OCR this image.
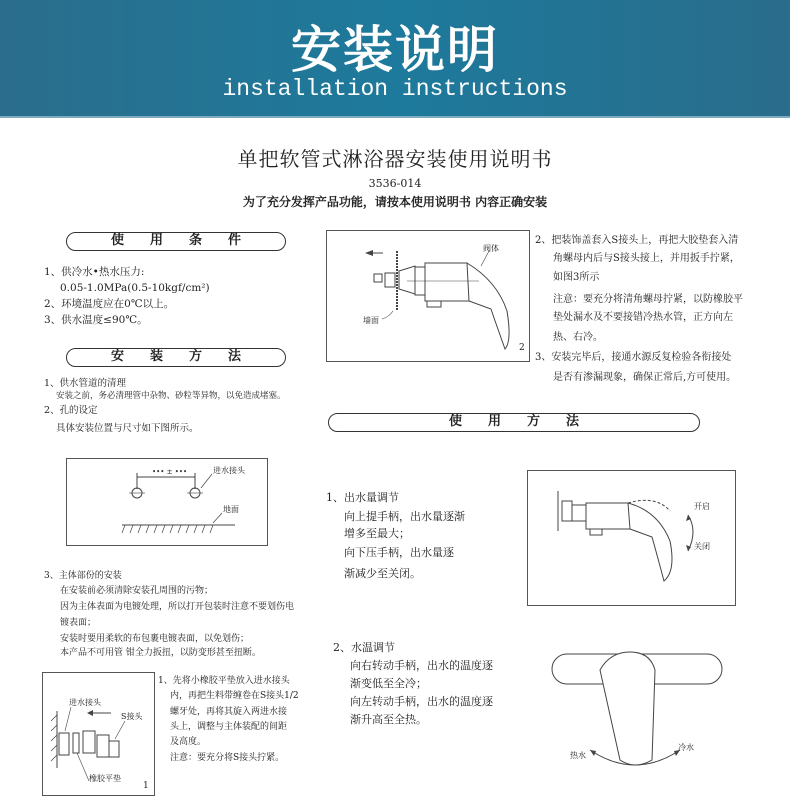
安装说明
installation instructions
单把软管式淋浴器安装使用说明书
3536-014
为了充分发挥产品功能，请按本使用说明书 内容正确安装
使用条件
1、供冷水•热水压力:
0.05-1.0MPa(0.5-10kgf/cm²)
2、环境温度应在0℃以上。
3、供水温度≤90℃。
安装方法
1、供水管道的清理
安装之前，务必清理管中杂物、砂粒等异物，以免造成堵塞。
2、孔的设定
具体安装位置与尺寸如下图所示。
••• ± •••	进水接头
地面
3、主体部份的安装
在安装前必须清除安装孔周围的污物；
因为主体表面为电镀处理，所以打开包装时注意不要划伤电
镀表面；
安装时要用柔软的布包裹电镀表面，以免划伤；
本产品不可用管 钳全力扳扭，以防变形甚至扭断。
进水接头
S接头
橡胶平垫
1
1、先将小橡胶平垫放入进水接头
内，再把生料带缠卷在S接头1/2
螺牙处，再将其旋入两进水接
头上，调整与主体装配的间距
及高度。
注意：要充分将S接头拧紧。
阀体
墙面
2
2、把装饰盖套入S接头上，再把大胶垫套入清
角螺母内后与S接头接上，并用扳手拧紧，
如图3所示
注意：要充分将清角螺母拧紧，以防橡胶平
垫处漏水及不要接错冷热水管，正方向左
热、右冷。
3、安装完毕后，接通水源反复检验各衔接处
是否有渗漏现象，确保正常后,方可使用。
使用方法
1、出水量调节
向上提手柄，出水量逐渐
增多至最大；
向下压手柄，出水量逐
渐减少至关闭。
开启
关闭
2、水温调节
向右转动手柄，出水的温度逐
渐变低至全冷；
向左转动手柄，出水的温度逐
渐升高至全热。
热水
冷水
